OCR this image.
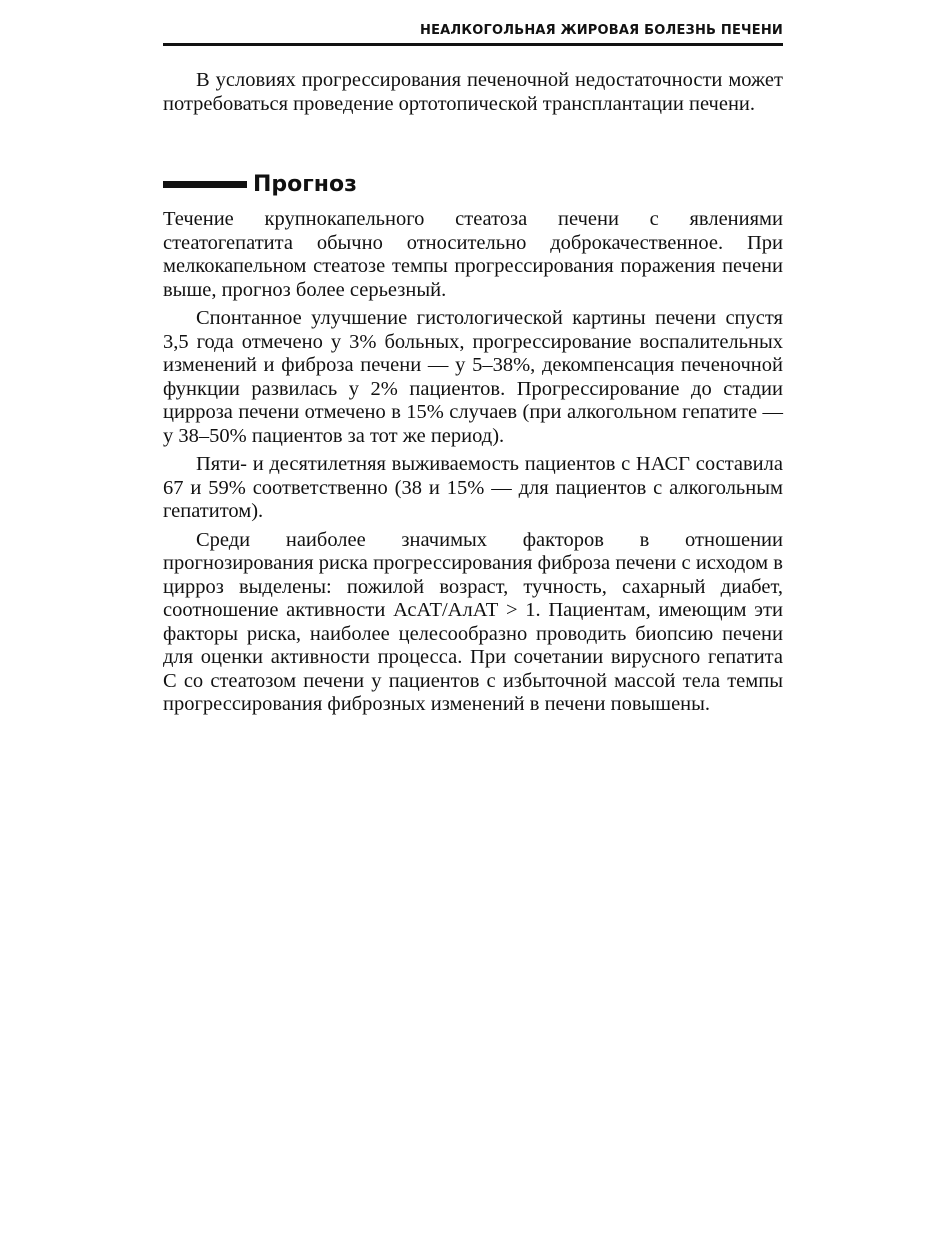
НЕАЛКОГОЛЬНАЯ ЖИРОВАЯ БОЛЕЗНЬ ПЕЧЕНИ

В условиях прогрессирования печеночной недостаточности может потребоваться проведение ортотопической трансплантации печени.

Прогноз

Течение крупнокапельного стеатоза печени с явлениями стеатогепатита обычно относительно доброкачественное. При мелкокапельном стеатозе темпы прогрессирования поражения печени выше, прогноз более серьезный.

Спонтанное улучшение гистологической картины печени спустя 3,5 года отмечено у 3% больных, прогрессирование воспалительных изменений и фиброза печени — у 5–38%, декомпенсация печеночной функции развилась у 2% пациентов. Прогрессирование до стадии цирроза печени отмечено в 15% случаев (при алкогольном гепатите — у 38–50% пациентов за тот же период).

Пяти- и десятилетняя выживаемость пациентов с НАСГ составила 67 и 59% соответственно (38 и 15% — для пациентов с алкогольным гепатитом).

Среди наиболее значимых факторов в отношении прогнозирования риска прогрессирования фиброза печени с исходом в цирроз выделены: пожилой возраст, тучность, сахарный диабет, соотношение активности АсАТ/АлАТ > 1. Пациентам, имеющим эти факторы риска, наиболее целесообразно проводить биопсию печени для оценки активности процесса. При сочетании вирусного гепатита С со стеатозом печени у пациентов с избыточной массой тела темпы прогрессирования фиброзных изменений в печени повышены.
